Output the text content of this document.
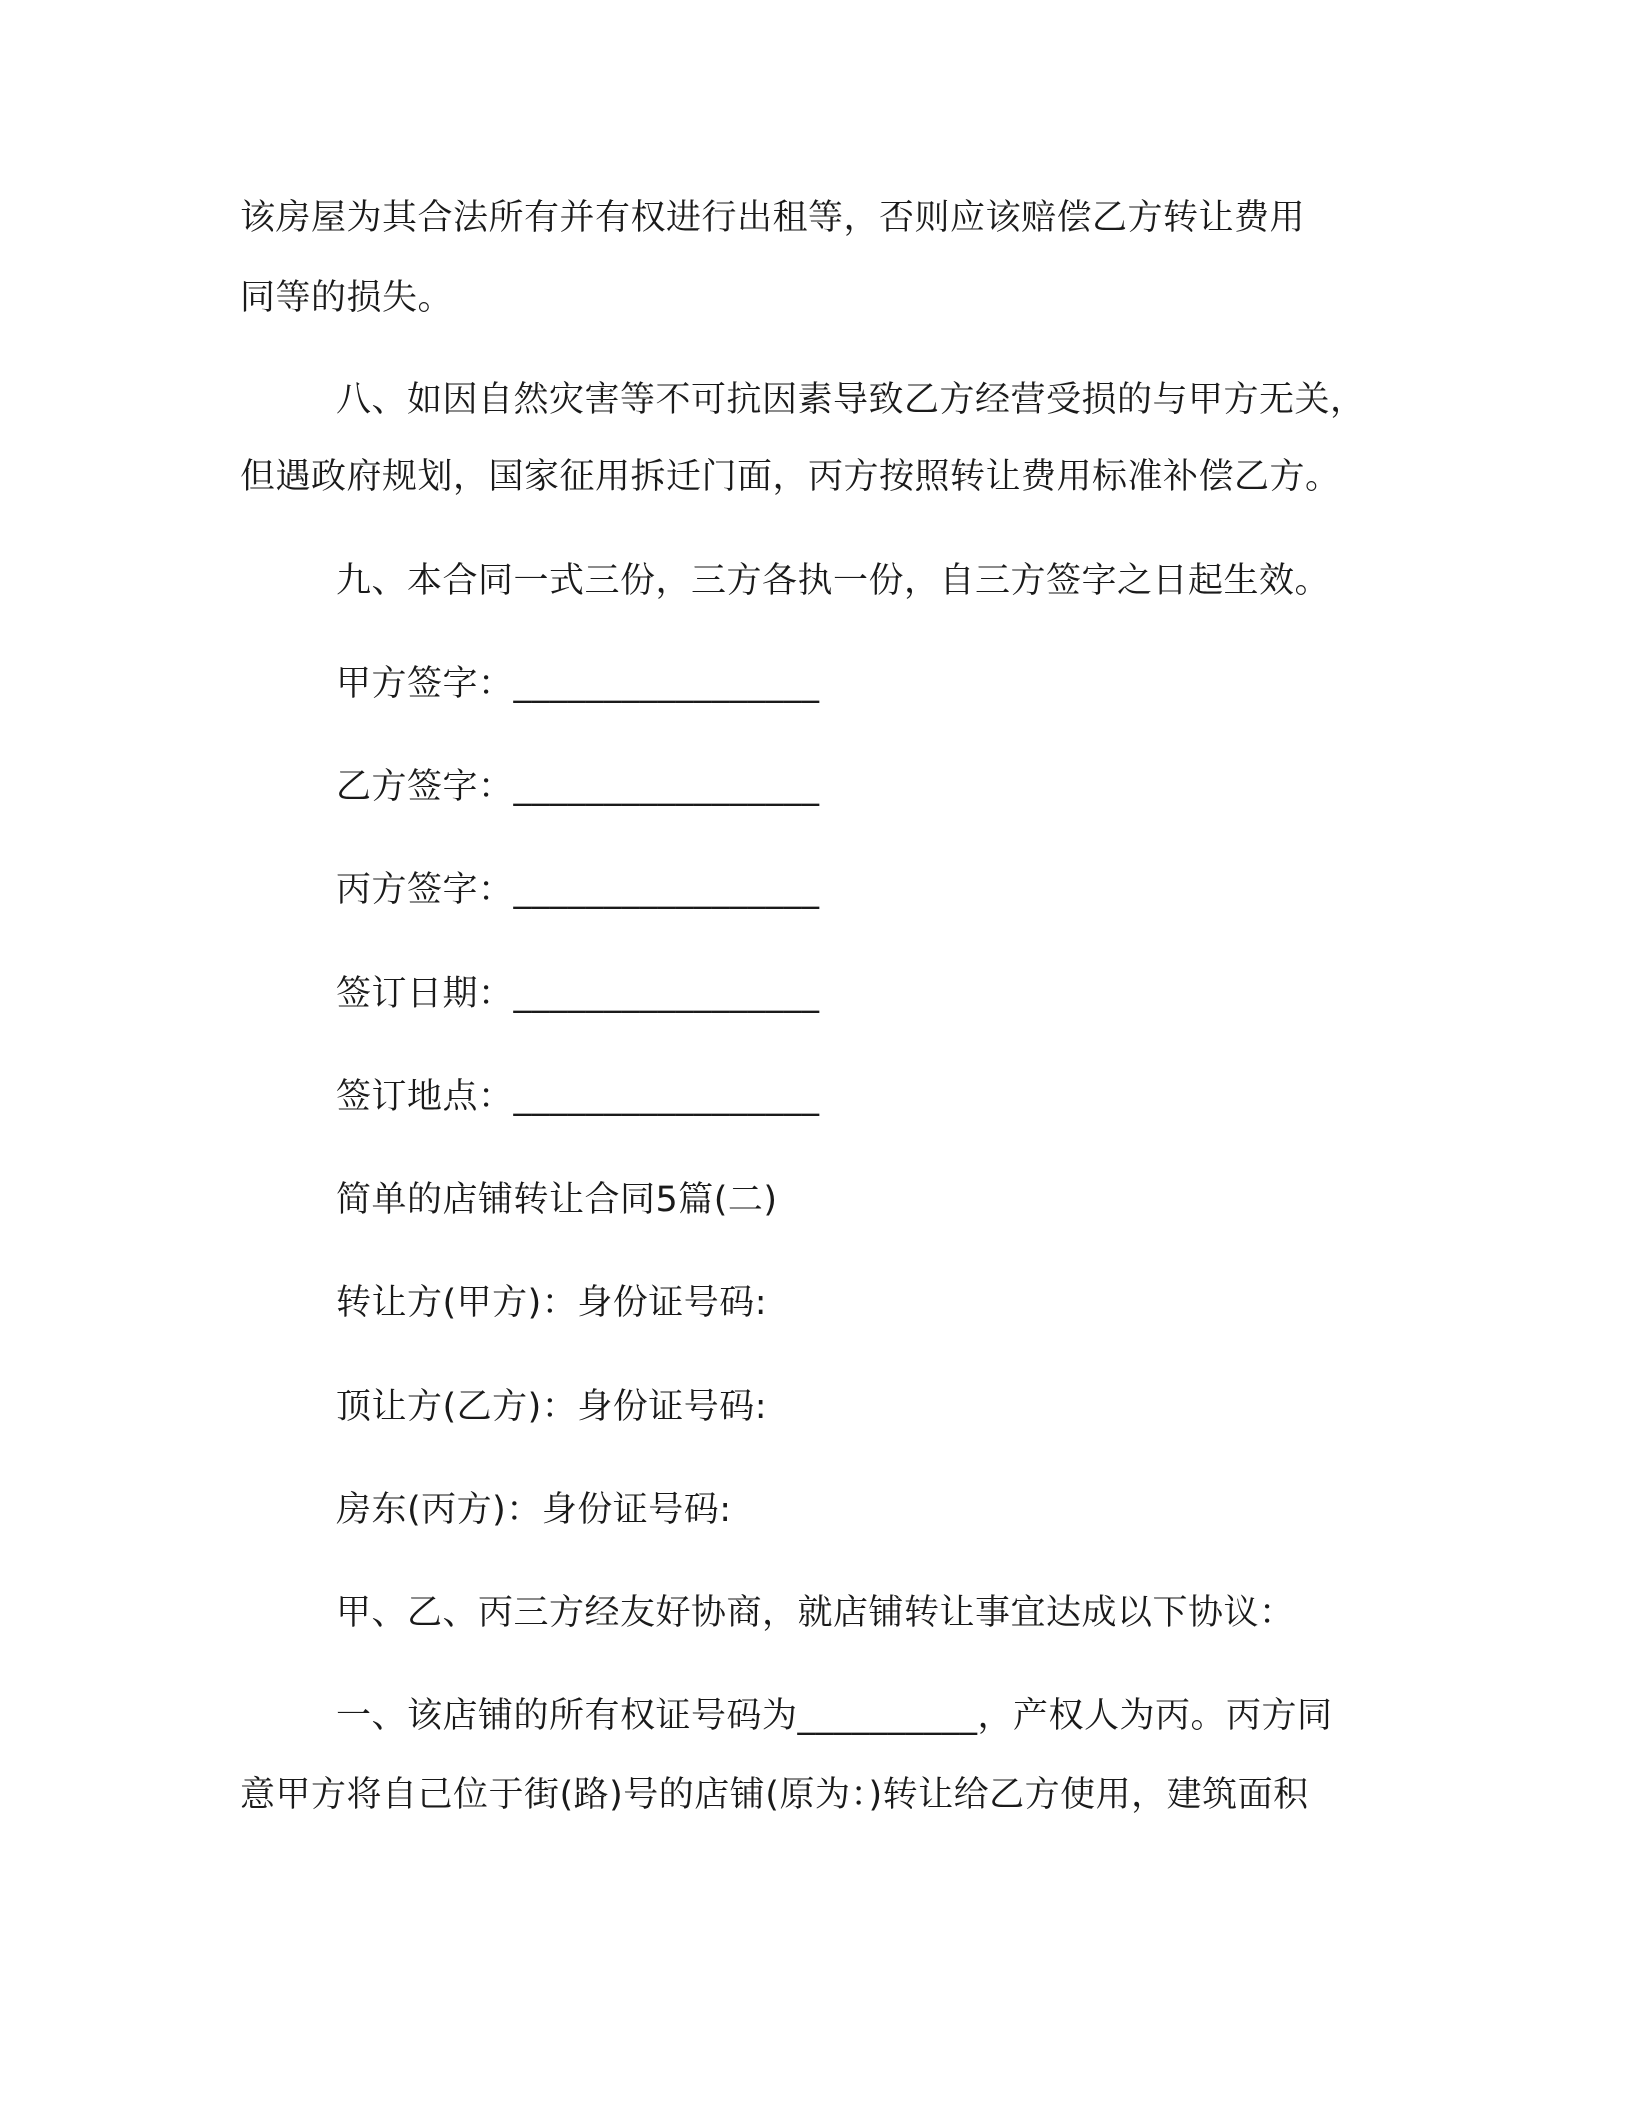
该房屋为其合法所有并有权进行出租等，否则应该赔偿乙方转让费用

同等的损失。

八、如因自然灾害等不可抗因素导致乙方经营受损的与甲方无关，

但遇政府规划，国家征用拆迁门面，丙方按照转让费用标准补偿乙方。

九、本合同一式三份，三方各执一份，自三方签字之日起生效。

甲方签字：_________________

乙方签字：_________________

丙方签字：_________________

签订日期：_________________

签订地点：_________________

简单的店铺转让合同5篇(二)

转让方(甲方)：身份证号码:

顶让方(乙方)：身份证号码:

房东(丙方)：身份证号码:

甲、乙、丙三方经友好协商，就店铺转让事宜达成以下协议：

一、该店铺的所有权证号码为__________，产权人为丙。丙方同

意甲方将自己位于街(路)号的店铺(原为：)转让给乙方使用，建筑面积
